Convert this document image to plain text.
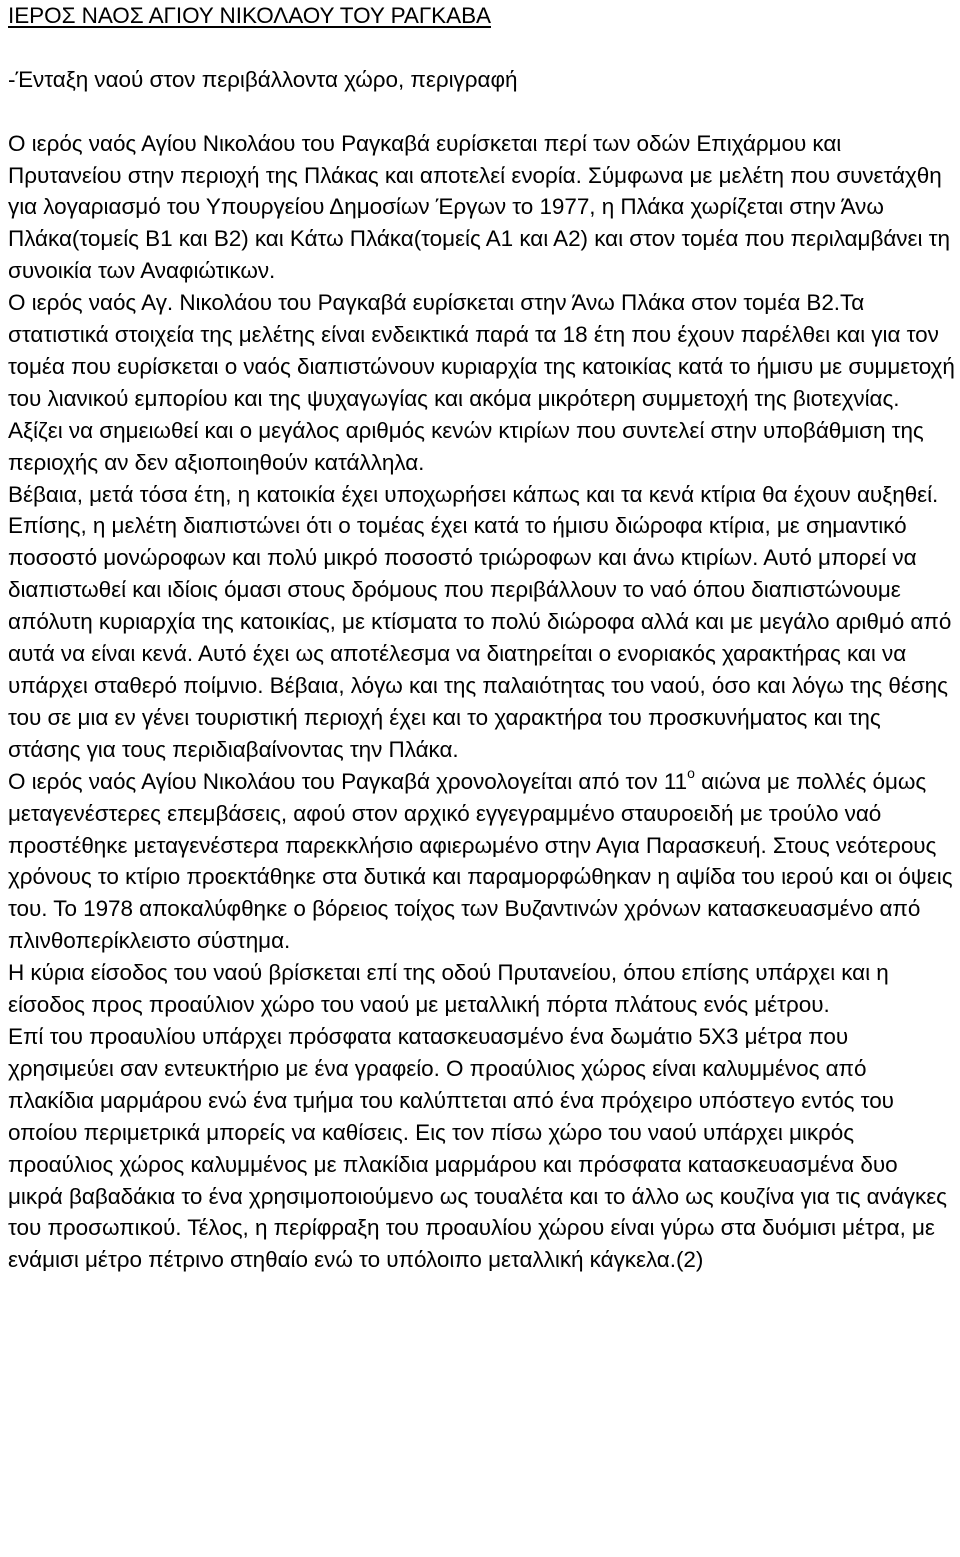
ΙΕΡΟΣ ΝΑΟΣ ΑΓΙΟΥ ΝΙΚΟΛΑΟΥ ΤΟΥ ΡΑΓΚΑΒΑ
-Ένταξη ναού στον περιβάλλοντα χώρο, περιγραφή

Ο ιερός ναός Αγίου Νικολάου του Ραγκαβά ευρίσκεται περί των οδών Επιχάρμου και Πρυτανείου στην περιοχή της Πλάκας και αποτελεί ενορία. Σύμφωνα με μελέτη που συνετάχθη για λογαριασμό του Υπουργείου Δημοσίων Έργων το 1977, η Πλάκα χωρίζεται στην Άνω Πλάκα(τομείς Β1 και Β2) και Κάτω Πλάκα(τομείς Α1 και Α2) και στον τομέα που περιλαμβάνει τη συνοικία των Αναφιώτικων.

Ο ιερός ναός Αγ. Νικολάου του Ραγκαβά ευρίσκεται στην Άνω Πλάκα στον τομέα Β2.Τα στατιστικά στοιχεία της μελέτης είναι ενδεικτικά παρά τα 18 έτη που έχουν παρέλθει και για τον τομέα που ευρίσκεται ο ναός διαπιστώνουν κυριαρχία της κατοικίας κατά το ήμισυ με συμμετοχή του λιανικού εμπορίου και της ψυχαγωγίας και ακόμα μικρότερη συμμετοχή της βιοτεχνίας. Αξίζει να σημειωθεί και ο μεγάλος αριθμός κενών κτιρίων που συντελεί στην υποβάθμιση της περιοχής αν δεν αξιοποιηθούν κατάλληλα.

Βέβαια, μετά τόσα έτη, η κατοικία έχει υποχωρήσει κάπως και τα κενά κτίρια θα έχουν αυξηθεί.

Επίσης, η μελέτη διαπιστώνει ότι ο τομέας έχει κατά το ήμισυ διώροφα κτίρια, με σημαντικό ποσοστό μονώροφων και πολύ μικρό ποσοστό τριώροφων και άνω κτιρίων. Αυτό μπορεί να διαπιστωθεί και ιδίοις όμασι στους δρόμους που περιβάλλουν το ναό όπου διαπιστώνουμε απόλυτη κυριαρχία της κατοικίας, με κτίσματα το πολύ διώροφα αλλά και με μεγάλο αριθμό από αυτά να είναι κενά. Αυτό έχει ως αποτέλεσμα να διατηρείται ο ενοριακός χαρακτήρας και να υπάρχει σταθερό ποίμνιο. Βέβαια, λόγω και της παλαιότητας του ναού, όσο και λόγω της θέσης του σε μια εν γένει τουριστική περιοχή έχει και το χαρακτήρα του προσκυνήματος και της στάσης για τους περιδιαβαίνοντας την Πλάκα.

Ο ιερός ναός Αγίου Νικολάου του Ραγκαβά χρονολογείται από τον $11^o$ αιώνα με πολλές όμως μεταγενέστερες επεμβάσεις, αφού στον αρχικό εγγεγραμμένο σταυροειδή με τρούλο ναό προστέθηκε μεταγενέστερα παρεκκλήσιο αφιερωμένο στην Αγια Παρασκευή. Στους νεότερους χρόνους το κτίριο προεκτάθηκε στα δυτικά και παραμορφώθηκαν η αψίδα του ιερού και οι όψεις του. Το 1978 αποκαλύφθηκε ο βόρειος τοίχος των Βυζαντινών χρόνων κατασκευασμένο από πλινθοπερίκλειστο σύστημα.

Η κύρια είσοδος του ναού βρίσκεται επί της οδού Πρυτανείου, όπου επίσης υπάρχει και η είσοδος προς προαύλιον χώρο του ναού με μεταλλική πόρτα πλάτους ενός μέτρου.

Επί του προαυλίου υπάρχει πρόσφατα κατασκευασμένο ένα δωμάτιο 5Χ3 μέτρα που χρησιμεύει σαν εντευκτήριο με ένα γραφείο. Ο προαύλιος χώρος είναι καλυμμένος από πλακίδια μαρμάρου ενώ ένα τμήμα του καλύπτεται από ένα πρόχειρο υπόστεγο εντός του οποίου περιμετρικά μπορείς να καθίσεις. Εις τον πίσω χώρο του ναού υπάρχει μικρός προαύλιος χώρος καλυμμένος με πλακίδια μαρμάρου και πρόσφατα κατασκευασμένα δυο μικρά βαβαδάκια το ένα χρησιμοποιούμενο ως τουαλέτα και το άλλο ως κουζίνα για τις ανάγκες του προσωπικού. Τέλος, η περίφραξη του προαυλίου χώρου είναι γύρω στα δυόμισι μέτρα, με ενάμισι μέτρο πέτρινο στηθαίο ενώ το υπόλοιπο μεταλλική κάγκελα.(2)
